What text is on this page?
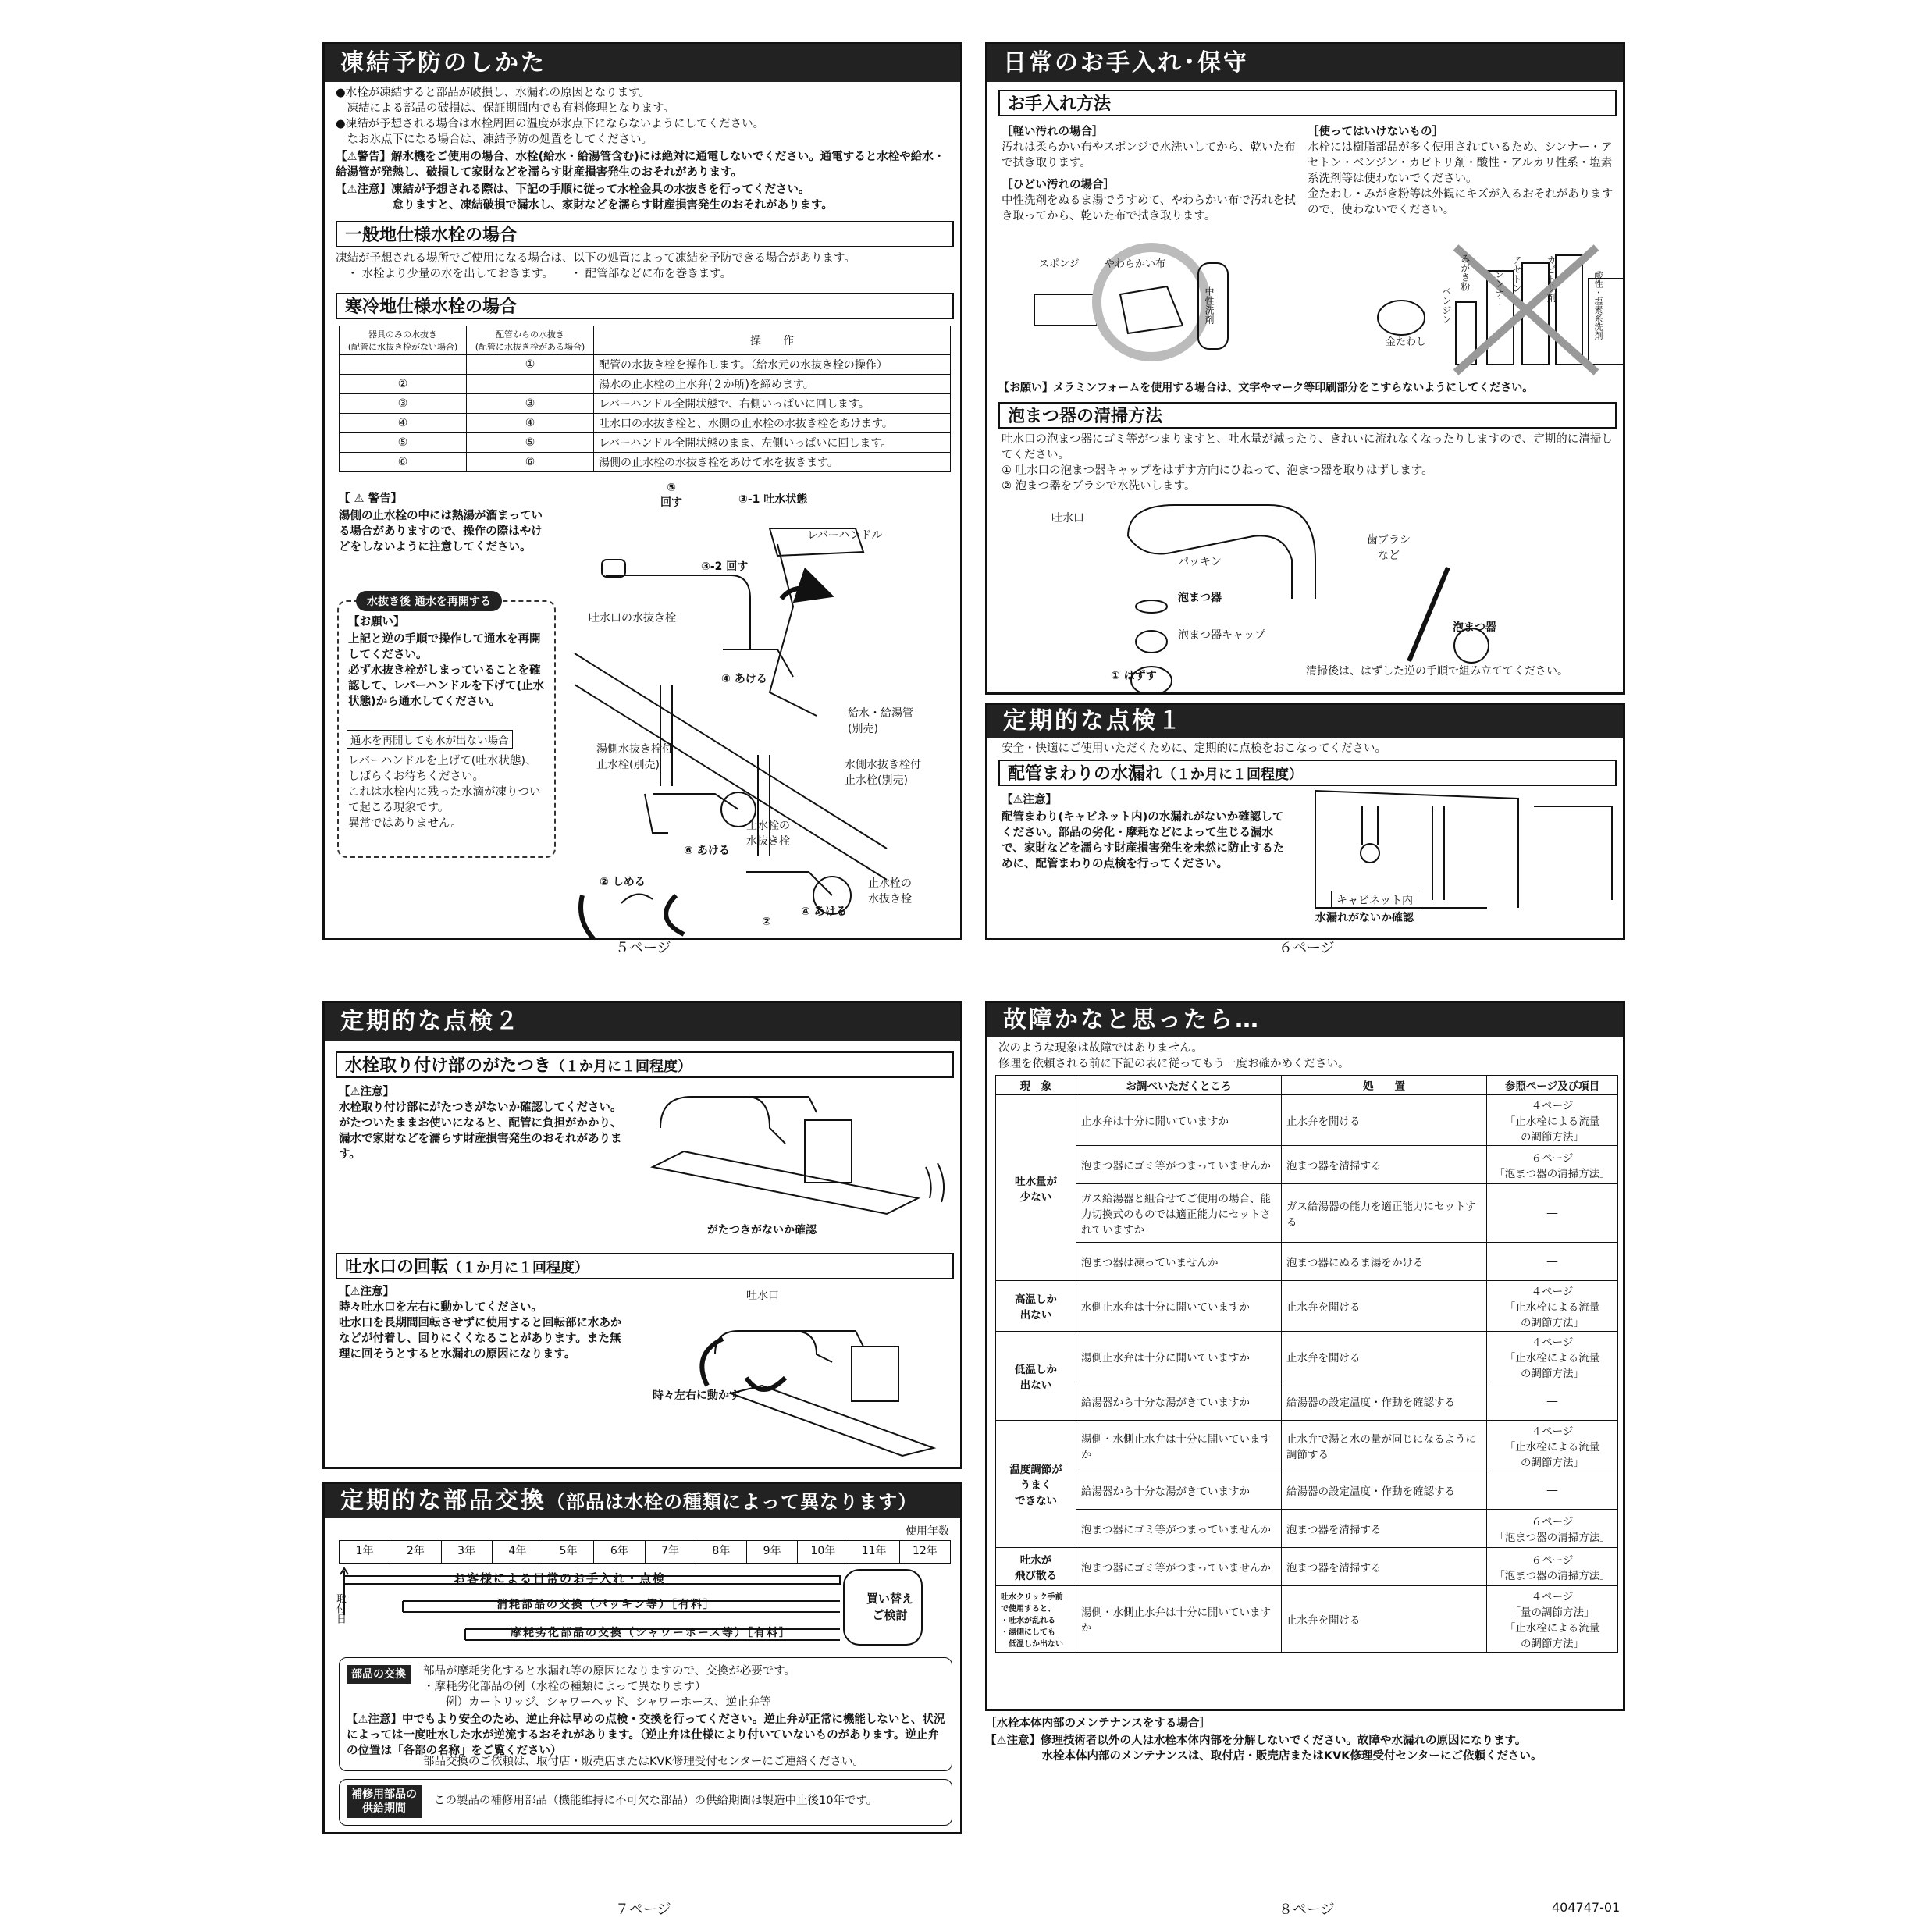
凍結予防のしかた
●水栓が凍結すると部品が破損し、水漏れの原因となります。
　凍結による部品の破損は、保証期間内でも有料修理となります。
●凍結が予想される場合は水栓周囲の温度が氷点下にならないようにしてください。
　なお氷点下になる場合は、凍結予防の処置をしてください。
【⚠警告】解氷機をご使用の場合、水栓(給水・給湯管含む)には絶対に通電しないでください。通電すると水栓や給水・給湯管が発熱し、破損して家財などを濡らす財産損害発生のおそれがあります。
【⚠注意】凍結が予想される際は、下記の手順に従って水栓金具の水抜きを行ってください。
　　　　　怠りますと、凍結破損で漏水し、家財などを濡らす財産損害発生のおそれがあります。
一般地仕様水栓の場合
凍結が予想される場所でご使用になる場合は、以下の処置によって凍結を予防できる場合があります。
　・ 水栓より少量の水を出しておきます。　　・ 配管部などに布を巻きます。
寒冷地仕様水栓の場合
器具のみの水抜き
(配管に水抜き栓がない場合)	配管からの水抜き
(配管に水抜き栓がある場合)	操　　作
	①	配管の水抜き栓を操作します。（給水元の水抜き栓の操作）
②		湯水の止水栓の止水弁(２か所)を締めます。
③	③	レバーハンドル全開状態で、右側いっぱいに回します。
④	④	吐水口の水抜き栓と、水側の止水栓の水抜き栓をあけます。
⑤	⑤	レバーハンドル全開状態のまま、左側いっぱいに回します。
⑥	⑥	湯側の止水栓の水抜き栓をあけて水を抜きます。
【 ⚠ 警告】
湯側の止水栓の中には熱湯が溜まっている場合がありますので、操作の際はやけどをしないように注意してください。
水抜き後 通水を再開する
【お願い】
上記と逆の手順で操作して通水を再開してください。
必ず水抜き栓がしまっていることを確認して、レバーハンドルを下げて(止水状態)から通水してください。
通水を再開しても水が出ない場合
レバーハンドルを上げて(吐水状態)、しばらくお待ちください。
これは水栓内に残った水滴が凍りついて起こる現象です。
異常ではありません。
⑤
回す	③-1 吐水状態
レバーハンドル
③-2 回す
吐水口の水抜き栓
④ あける
給水・給湯管
(別売)
湯側水抜き栓付
止水栓(別売)	水側水抜き栓付
止水栓(別売)
止水栓の
水抜き栓
⑥ あける
② しめる	止水栓の
水抜き栓
④ あける
②
５ページ
日常のお手入れ･保守
お手入れ方法
［軽い汚れの場合］
汚れは柔らかい布やスポンジで水洗いしてから、乾いた布で拭き取ります。
［ひどい汚れの場合］
中性洗剤をぬるま湯でうすめて、やわらかい布で汚れを拭き取ってから、乾いた布で拭き取ります。
［使ってはいけないもの］
水栓には樹脂部品が多く使用されているため、シンナー・アセトン・ベンジン・カビトリ剤・酸性・アルカリ性系・塩素系洗剤等は使わないでください。
金たわし・みがき粉等は外観にキズが入るおそれがありますので、使わないでください。
スポンジ やわらかい布
中性洗剤
金たわし
みがき粉
ベンジン	シンナー アセトン	カビトリ剤	酸性・塩素系洗剤
【お願い】メラミンフォームを使用する場合は、文字やマーク等印刷部分をこすらないようにしてください。
泡まつ器の清掃方法
吐水口の泡まつ器にゴミ等がつまりますと、吐水量が減ったり、きれいに流れなくなったりしますので、定期的に清掃してください。
① 吐水口の泡まつ器キャップをはずす方向にひねって、泡まつ器を取りはずします。
② 泡まつ器をブラシで水洗いします。
吐水口
パッキン
泡まつ器
泡まつ器キャップ
① はずす
歯ブラシ
など
泡まつ器
清掃後は、はずした逆の手順で組み立ててください。
定期的な点検１
安全・快適にご使用いただくために、定期的に点検をおこなってください。
配管まわりの水漏れ（１か月に１回程度）
【⚠注意】
配管まわり(キャビネット内)の水漏れがないか確認してください。部品の劣化・摩耗などによって生じる漏水で、家財などを濡らす財産損害発生を未然に防止するために、配管まわりの点検を行ってください。
キャビネット内
水漏れがないか確認
６ページ
定期的な点検２
水栓取り付け部のがたつき（１か月に１回程度）
【⚠注意】
水栓取り付け部にがたつきがないか確認してください。がたついたままお使いになると、配管に負担がかかり、漏水で家財などを濡らす財産損害発生のおそれがあります。
がたつきがないか確認
吐水口の回転（１か月に１回程度）
【⚠注意】
時々吐水口を左右に動かしてください。
吐水口を長期間回転させずに使用すると回転部に水あかなどが付着し、回りにくくなることがあります。また無理に回そうとすると水漏れの原因になります。
吐水口
時々左右に動かす
定期的な部品交換（部品は水栓の種類によって異なります）
使用年数
1年	2年	3年	4年	5年	6年	7年	8年	9年	10年	11年	12年
取付日
お客様による日常のお手入れ・点検
消耗部品の交換（パッキン等）［有料］
摩耗劣化部品の交換（シャワーホース等）［有料］
買い替え
ご検討
部品の交換	部品が摩耗劣化すると水漏れ等の原因になりますので、交換が必要です。
・摩耗劣化部品の例（水栓の種類によって異なります）
　　例）カートリッジ、シャワーヘッド、シャワーホース、逆止弁等
【⚠注意】中でもより安全のため、逆止弁は早めの点検・交換を行ってください。逆止弁が正常に機能しないと、状況によっては一度吐水した水が逆流するおそれがあります。（逆止弁は仕様により付いていないものがあります。逆止弁の位置は「各部の名称」をご覧ください）
部品交換のご依頼は、取付店・販売店またはKVK修理受付センターにご連絡ください。
補修用部品の
供給期間
この製品の補修用部品（機能維持に不可欠な部品）の供給期間は製造中止後10年です。
７ページ
故障かなと思ったら…
次のような現象は故障ではありません。
修理を依頼される前に下記の表に従ってもう一度お確かめください。
現　象	お調べいただくところ	処　　置	参照ページ及び項目
吐水量が
少ない	止水弁は十分に開いていますか	止水弁を開ける	４ページ
「止水栓による流量
の調節方法」
	泡まつ器にゴミ等がつまっていませんか	泡まつ器を清掃する	６ページ
「泡まつ器の清掃方法」
	ガス給湯器と組合せてご使用の場合、能力切換式のものでは適正能力にセットされていますか	ガス給湯器の能力を適正能力にセットする	―
	泡まつ器は凍っていませんか	泡まつ器にぬるま湯をかける	―
高温しか
出ない	水側止水弁は十分に開いていますか	止水弁を開ける	４ページ
「止水栓による流量
の調節方法」
低温しか
出ない	湯側止水弁は十分に開いていますか	止水弁を開ける	４ページ
「止水栓による流量
の調節方法」
	給湯器から十分な湯がきていますか	給湯器の設定温度・作動を確認する	―
温度調節が
うまく
できない	湯側・水側止水弁は十分に開いていますか	止水弁で湯と水の量が同じになるように調節する	４ページ
「止水栓による流量
の調節方法」
	給湯器から十分な湯がきていますか	給湯器の設定温度・作動を確認する	―
	泡まつ器にゴミ等がつまっていませんか	泡まつ器を清掃する	６ページ
「泡まつ器の清掃方法」
吐水が
飛び散る	泡まつ器にゴミ等がつまっていませんか	泡まつ器を清掃する	６ページ
「泡まつ器の清掃方法」
吐水クリック手前
で使用すると、
・吐水が乱れる
・湯側にしても
　低温しか出ない	湯側・水側止水弁は十分に開いていますか	止水弁を開ける	４ページ
「量の調節方法」
「止水栓による流量
の調節方法」
［水栓本体内部のメンテナンスをする場合］
【⚠注意】修理技術者以外の人は水栓本体内部を分解しないでください。故障や水漏れの原因になります。
　　　　　水栓本体内部のメンテナンスは、取付店・販売店またはKVK修理受付センターにご依頼ください。
８ページ	404747-01
